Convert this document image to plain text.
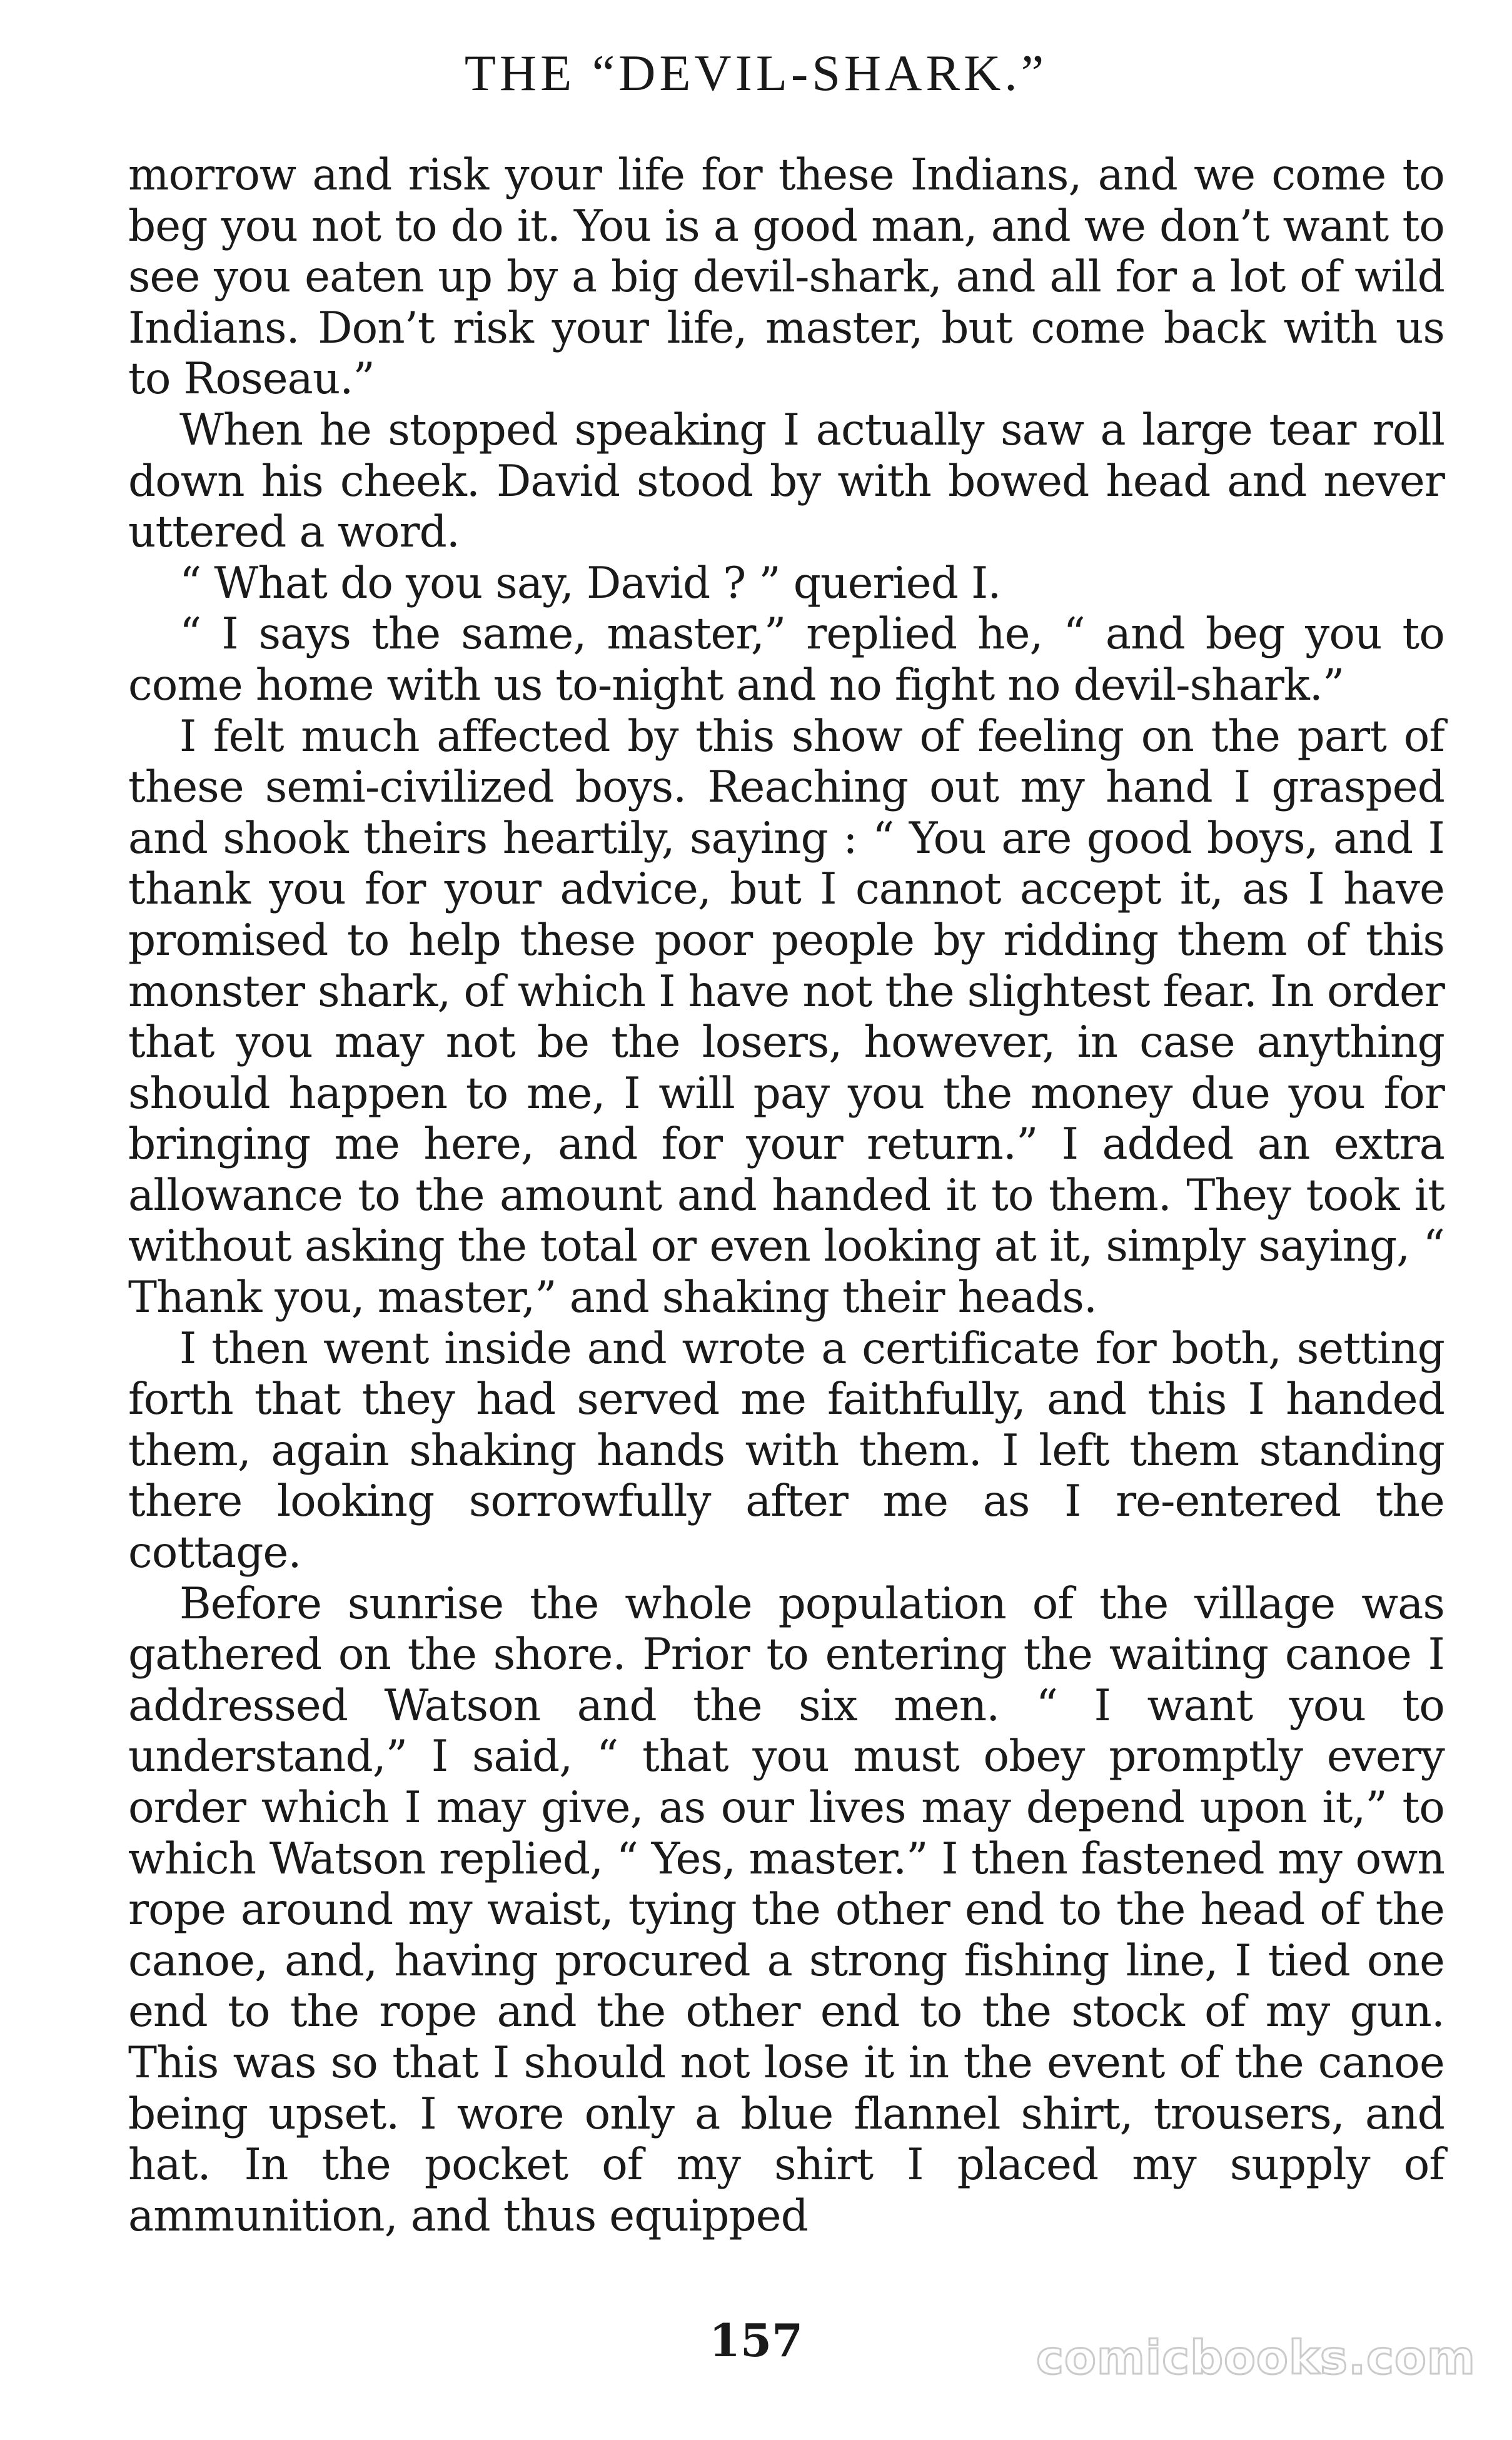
THE “DEVIL-SHARK.”

morrow and risk your life for these Indians, and we come to beg you not to do it. You is a good man, and we don’t want to see you eaten up by a big devil-shark, and all for a lot of wild Indians. Don’t risk your life, master, but come back with us to Roseau.”

When he stopped speaking I actually saw a large tear roll down his cheek. David stood by with bowed head and never uttered a word.

“ What do you say, David ? ” queried I.

“ I says the same, master,” replied he, “ and beg you to come home with us to-night and no fight no devil-shark.”

I felt much affected by this show of feeling on the part of these semi-civilized boys. Reaching out my hand I grasped and shook theirs heartily, saying : “ You are good boys, and I thank you for your advice, but I cannot accept it, as I have promised to help these poor people by ridding them of this monster shark, of which I have not the slightest fear. In order that you may not be the losers, however, in case anything should happen to me, I will pay you the money due you for bringing me here, and for your return.” I added an extra allowance to the amount and handed it to them. They took it without asking the total or even looking at it, simply saying, “ Thank you, master,” and shaking their heads.

I then went inside and wrote a certificate for both, setting forth that they had served me faithfully, and this I handed them, again shaking hands with them. I left them standing there looking sorrowfully after me as I re-entered the cottage.

Before sunrise the whole population of the village was gathered on the shore. Prior to entering the waiting canoe I addressed Watson and the six men. “ I want you to understand,” I said, “ that you must obey promptly every order which I may give, as our lives may depend upon it,” to which Watson replied, “ Yes, master.” I then fastened my own rope around my waist, tying the other end to the head of the canoe, and, having procured a strong fishing line, I tied one end to the rope and the other end to the stock of my gun. This was so that I should not lose it in the event of the canoe being upset. I wore only a blue flannel shirt, trousers, and hat. In the pocket of my shirt I placed my supply of ammunition, and thus equipped

157	comicbooks.com
